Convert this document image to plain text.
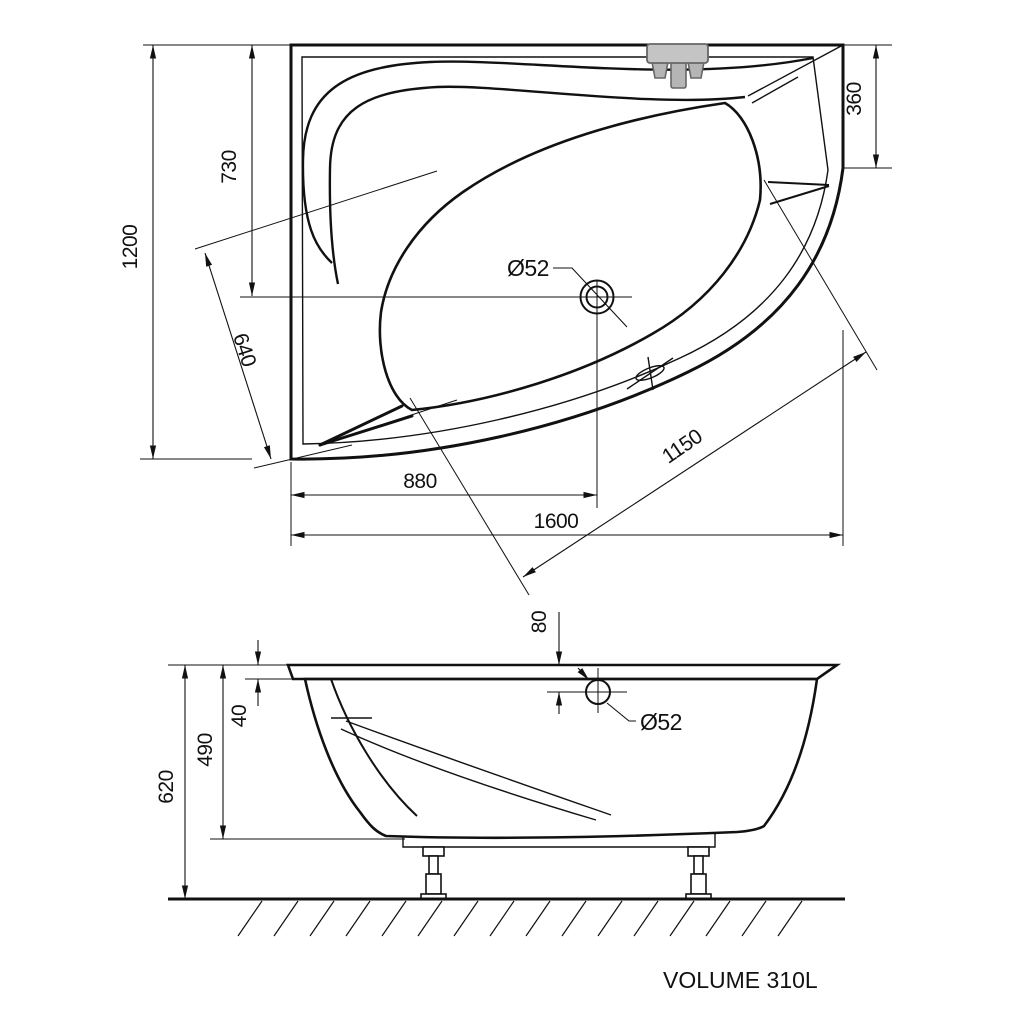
1200
730
360
640
880
1600
1150
Ø52
620
490
40
80
Ø52
VOLUME 310L
